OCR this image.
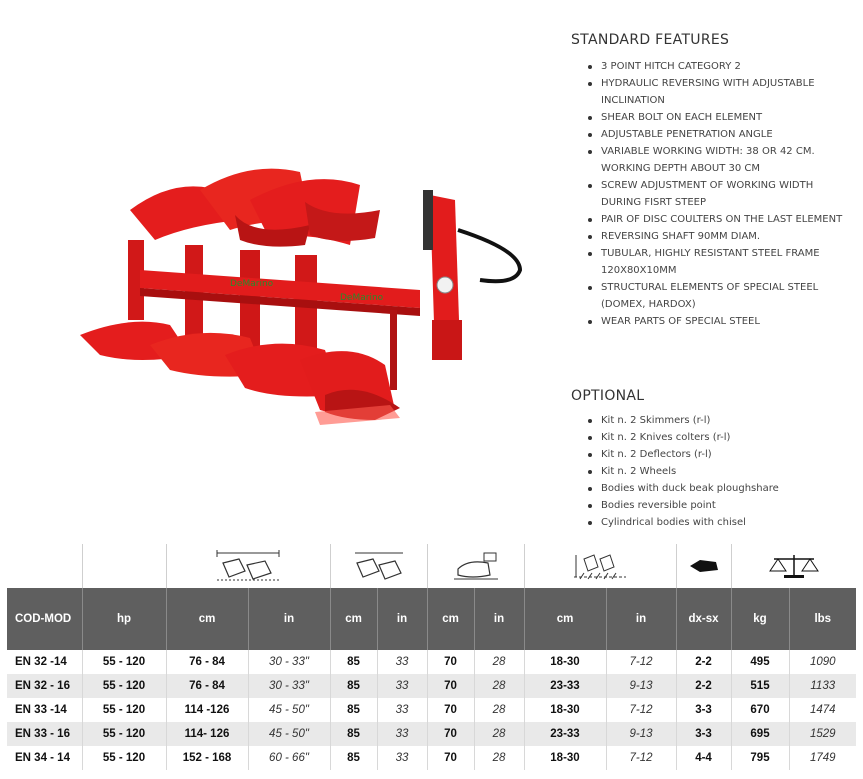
DeMarino
DeMarino
STANDARD FEATURES
3 POINT HITCH CATEGORY 2
HYDRAULIC REVERSING WITH ADJUSTABLE INCLINATION
SHEAR BOLT ON EACH ELEMENT
ADJUSTABLE PENETRATION ANGLE
VARIABLE WORKING WIDTH: 38 OR 42 CM. WORKING DEPTH ABOUT 30 CM
SCREW ADJUSTMENT OF WORKING WIDTH DURING FISRT STEEP
PAIR OF DISC COULTERS ON THE LAST ELEMENT
REVERSING SHAFT 90MM DIAM.
TUBULAR, HIGHLY RESISTANT STEEL FRAME 120X80X10MM
STRUCTURAL ELEMENTS OF SPECIAL STEEL (DOMEX, HARDOX)
WEAR PARTS OF SPECIAL STEEL
OPTIONAL
Kit n. 2 Skimmers (r-l)
Kit n. 2 Knives colters (r-l)
Kit n. 2 Deflectors (r-l)
Kit n. 2 Wheels
Bodies with duck beak ploughshare
Bodies reversible point
Cylindrical bodies with chisel

COD-MOD	hp	cm	in	cm	in	cm	in	cm	in	dx-sx	kg	lbs
EN 32 -14	55 - 120	76 - 84	30 - 33"	85	33	70	28	18-30	7-12	2-2	495	1090
EN 32 - 16	55 - 120	76 - 84	30 - 33"	85	33	70	28	23-33	9-13	2-2	515	1133
EN 33 -14	55 - 120	114 -126	45 - 50"	85	33	70	28	18-30	7-12	3-3	670	1474
EN 33 - 16	55 - 120	114- 126	45 - 50"	85	33	70	28	23-33	9-13	3-3	695	1529
EN 34 - 14	55 - 120	152 - 168	60 - 66"	85	33	70	28	18-30	7-12	4-4	795	1749
